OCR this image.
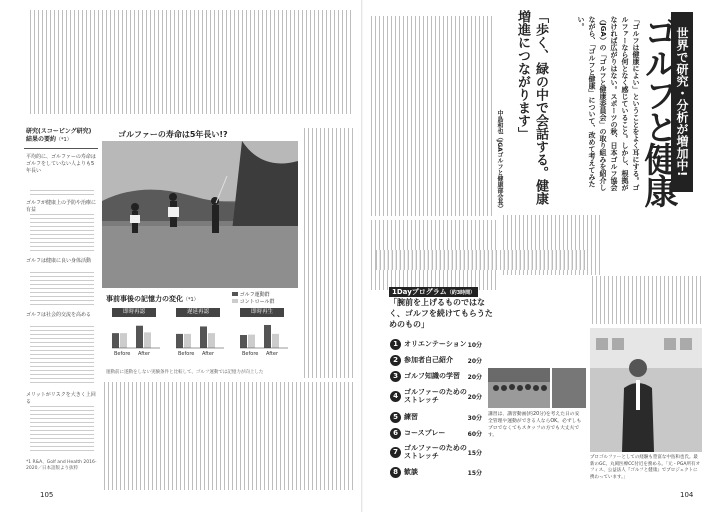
研究(スコーピング研究)
結果の要約（*1）
平均的に、ゴルファーの寿命はゴルフをしていない人よりも5年長い
ゴルフが健康上の予防や治療に有益
ゴルフは健康に良い身体活動
ゴルフは社会的交流を高める
メリットがリスクを大きく上回る
*1 R&A、Golf and Health 2016-2020／日本語版より抜粋
ゴルファーの寿命は5年長い!?
事前事後の記憶力の変化（*1）
ゴルフ運動群
コントロール群
即時再認	遅延再認	即時再生
Before After	Before After	Before After
運動前に遂動をしない実験条件と比較して、ゴルフ運動では記憶力が向上した
105
「ゴルフは健康によい」ということをよく耳にする。ゴルファーなら何となく感じていること。しかし、根拠がなければ広がりはない。スポーツの秋、日本ゴルフ協会（JGA）の「ゴルフと健康委員会」の取り組みを紹介しながら、「ゴルフと健康」について、改めて考えてみたい。
世界で研究・分析が増加中!
ゴルフと健康
「歩く、緑の中で会話する。健康増進につながります」
中島和也（JGAゴルフと健康部会長）
1Dayプログラム（約3時間）
「腕前を上げるものではなく、ゴルフを続けてもらうためのもの」
1 オリエンテーション 10分
2 参加者自己紹介 20分
3 ゴルフ知識の学習 20分
4 ゴルファーのためのストレッチ	20分
5 練習	30分
6 コースプレー	60分
7 ゴルファーのためのストレッチ	15分
8 歓談	15分
講習は、講習動画(約20分)を考えた日の安全管理や運動ができる人ならOK。必ずしもプロでなくてもスタッフの方でも大丈夫です。
プロゴルファーとしての経験も豊富な中島和也氏。最新のGC、丸岡医療CC付近を務める。「元・PGA所有オフィス、公益法人『ゴルフと健康』でプロジェクトに携わっています。」
104
